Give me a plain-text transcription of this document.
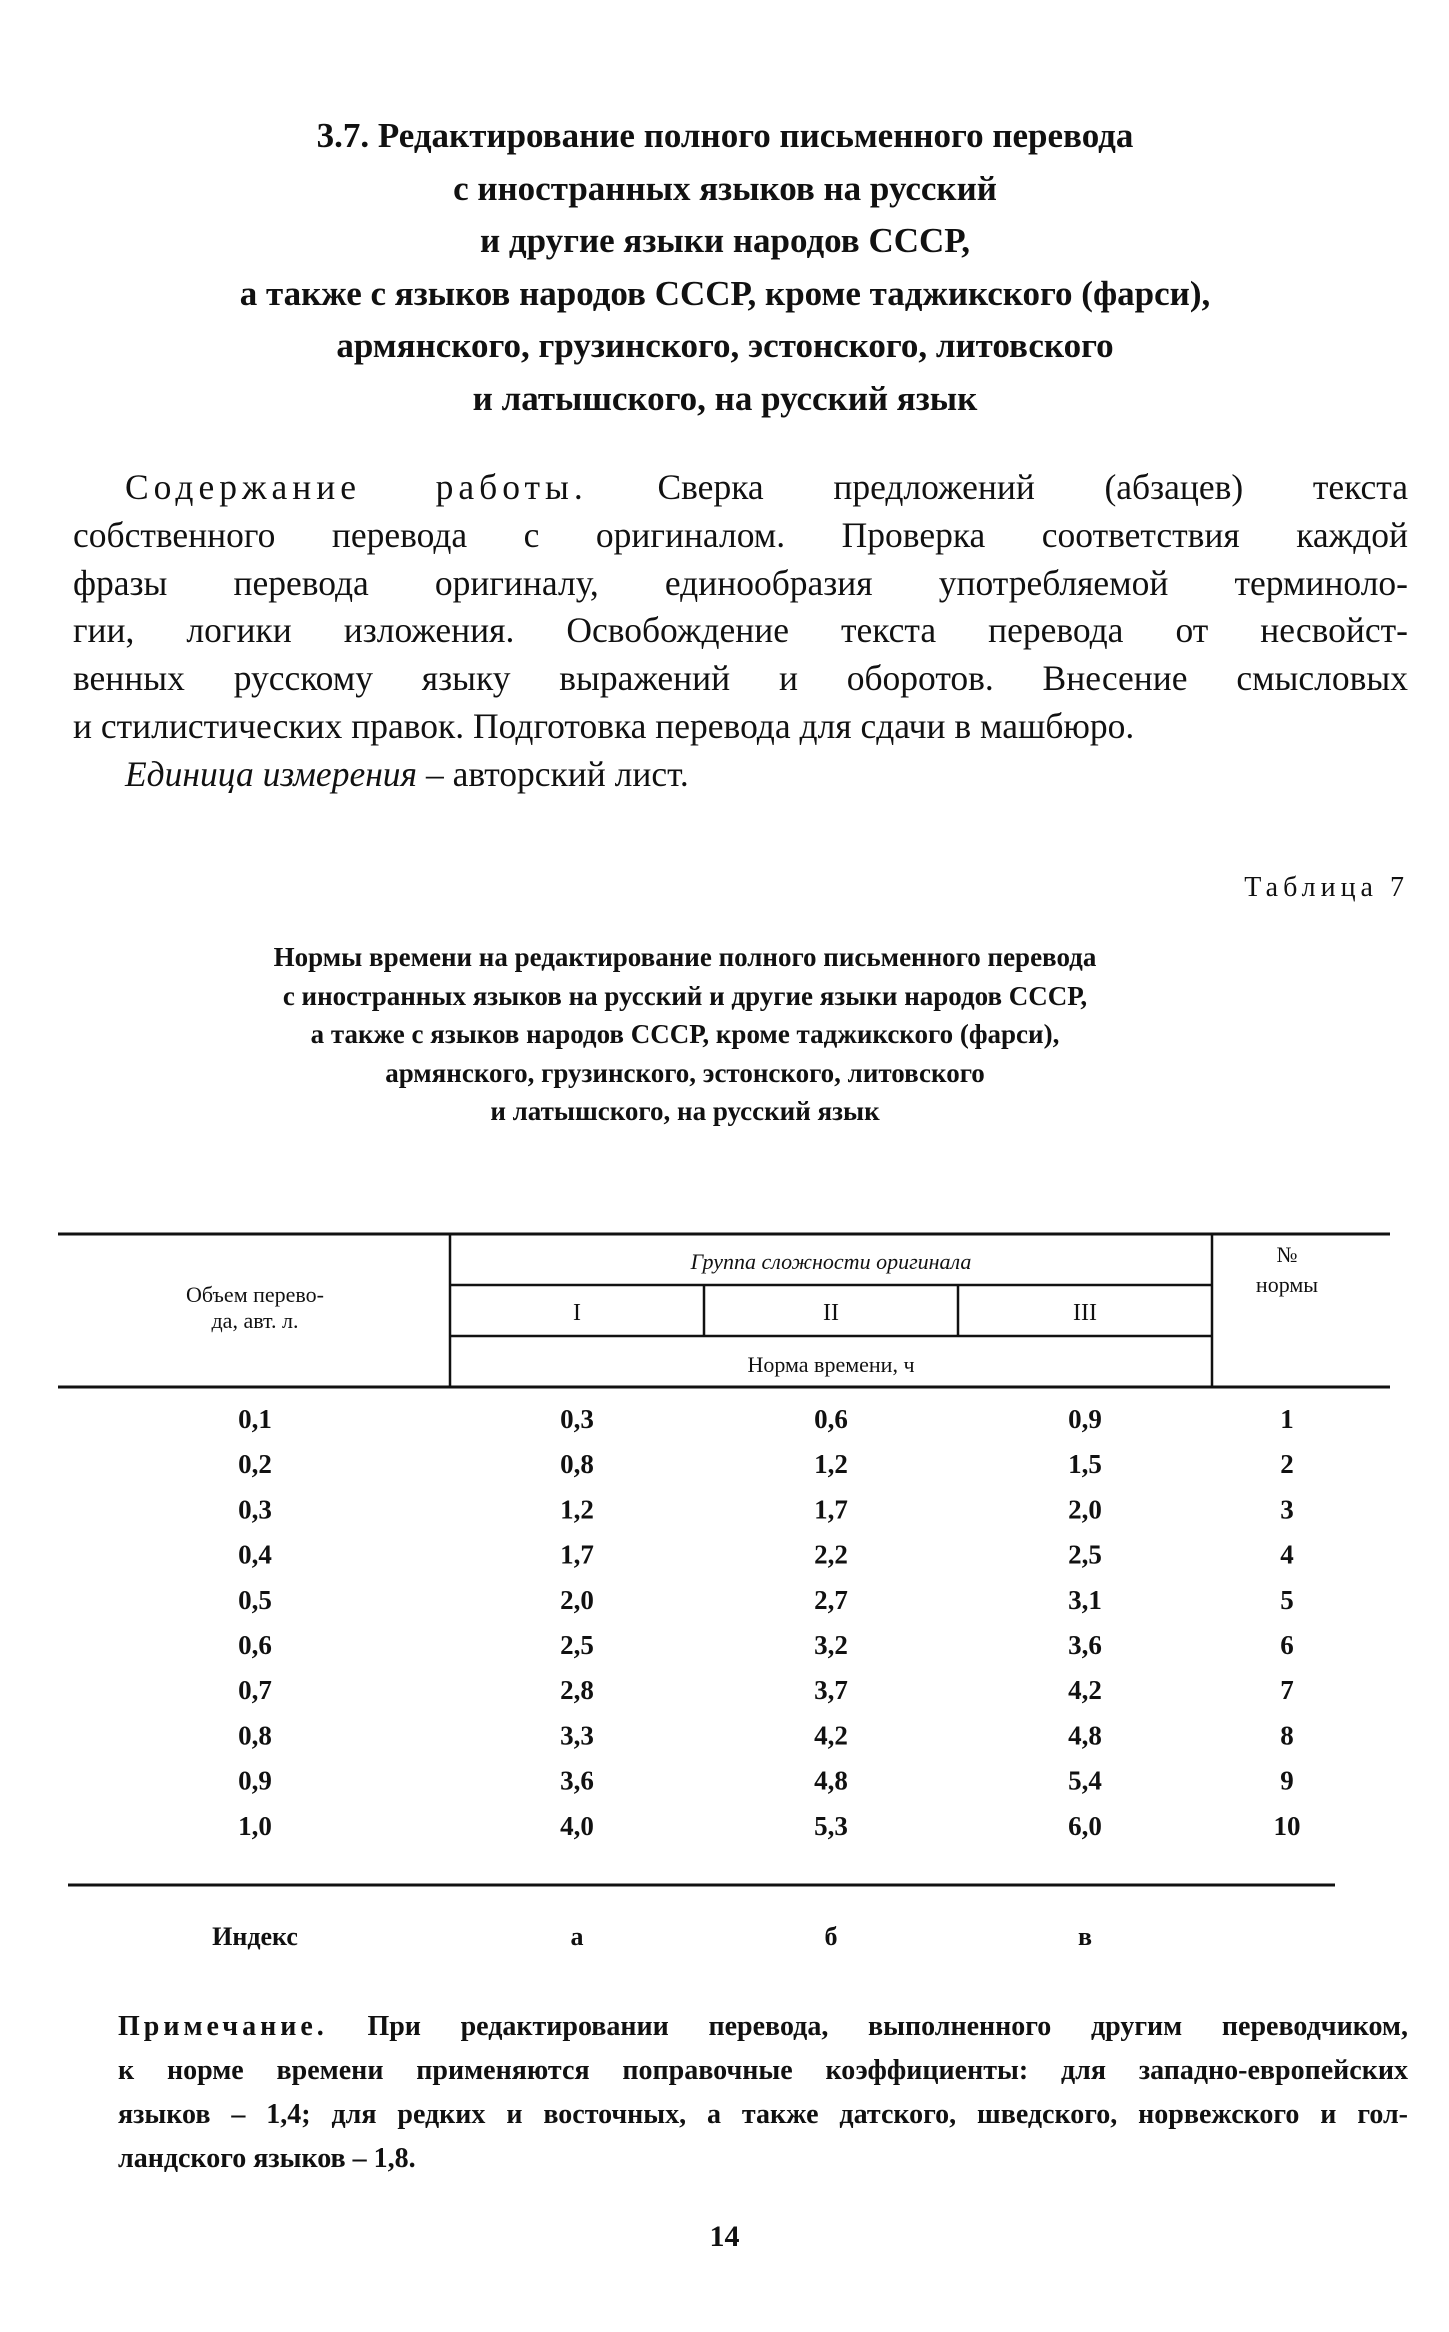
3.7. Редактирование полного письменного перевода
с иностранных языков на русский
и другие языки народов СССР,
а также с языков народов СССР, кроме таджикского (фарси),
армянского, грузинского, эстонского, литовского
и латышского, на русский язык
Содержание работы. Сверка предложений (абзацев) текста
собственного перевода с оригиналом. Проверка соответствия каждой
фразы перевода оригиналу, единообразия употребляемой терминоло-
гии, логики изложения. Освобождение текста перевода от несвойст-
венных русскому языку выражений и оборотов. Внесение смысловых
и стилистических правок. Подготовка перевода для сдачи в машбюро.
Единица измерения – авторский лист.
Таблица 7
Нормы времени на редактирование полного письменного перевода
с иностранных языков на русский и другие языки народов СССР,
а также с языков народов СССР, кроме таджикского (фарси),
армянского, грузинского, эстонского, литовского
и латышского, на русский язык
Объем перево-
да, авт. л.
Группа сложности оригинала
I	II	III
Норма времени, ч
№
нормы
0,1	0,3	0,6	0,9	1
0,2	0,8	1,2	1,5	2
0,3	1,2	1,7	2,0	3
0,4	1,7	2,2	2,5	4
0,5	2,0	2,7	3,1	5
0,6	2,5	3,2	3,6	6
0,7	2,8	3,7	4,2	7
0,8	3,3	4,2	4,8	8
0,9	3,6	4,8	5,4	9
1,0	4,0	5,3	6,0	10
Индекс	а	б	в
Примечание. При редактировании перевода, выполненного другим переводчиком,
к норме времени применяются поправочные коэффициенты: для западно-европейских
языков – 1,4; для редких и восточных, а также датского, шведского, норвежского и гол-
ландского языков – 1,8.
14
